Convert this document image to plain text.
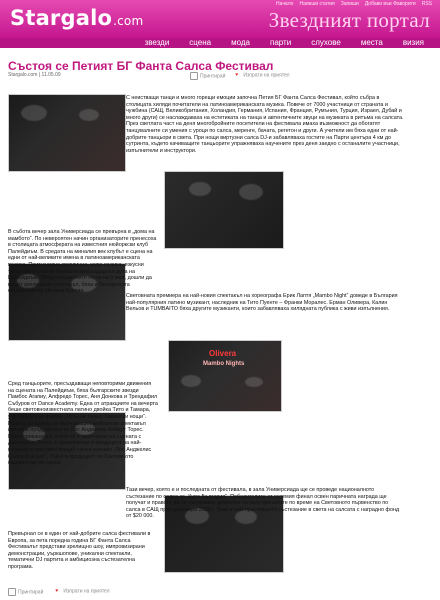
Stargalo.com
Начало Напиши статия Запиши Добави във Фаворити RSS
Звездният портал
звезди	сцена	мода	парти	слухове	места	визия
Състоя се Петият БГ Фанта Салса Фестивал
Stargalo.com | 11.05.09	Принтирай ♥ Изпрати на приятел
Olivera
Mambo Nights

С неистващи танци и много горещи емоции започна Петия БГ Фанта Салса Фестивал, който събра в столицата хиляди почитатели на латиноамериканската музика. Повече от 7000 участници от страната и чужбина (САЩ, Великобритания, Холандия, Германия, Испания, Франция, Румъния, Турция, Израел, Дубай и много други) се наслаждаваха на естетиката на танца и автентичните звуци на музиката в ритъма на салсата. През светлата част на деня многобройните посетители на фестивала имаха възможност да обогатят танцувалните си умения с уроци по салса, меренге, бачата, регетон и други. А учители им бяха едни от най-добрите танцьори в света. При нощи виртузни салса DJ-и забавляваха гостите на Парти центъра 4 км до сутринта, където качиващите танцьорите упражняваха научените през деня заедно с останалите участници, изпълнители и инструктори.

В събота вечер зала Универсиада се превърна в „дома на мамбото“. По невероятен начин организаторите пренесоха в столицата атмосферата на известния нюйоркски клуб Палейдиъм. В средата на миналия век клубът е сцена на едни от най-великите имена в латиноамериканската музика. Притушилна светлинна, жива музика, изкусни танцьори и опитни бармани пресъздадоха духа на Палейдиъм. Пред специалните гости на 9 май, дошли да видят зрелищния спектакъл, бяха и българската евродизайнер Мелина Кунева.

Световната премиера на най-новия спектакъл на хореографа Ерик Лаптя „Mambo Night“ доведе в България най-популярния латино музикант, наследник на Тито Пуенте – Франки Моралес. Ерман Оливера, Калин Вельов и TUMBAITO бяха другите музиканти, които забавляваха хилядната публика с живи изпълнения.

Сред танцьорите, пресъздаващи неповторими движения на сцената на Палейдиъм, бяха българските звезди Памбос Агапиу, Алфредо Торес, Аня Донкова и Трендафил Събуров от Dance Academy. Една от атракциите на вечерта беше световноизвестната латино двойка Тито и Тамара, участвали във филма „Мръсни танци: Хавански нощи“. Ролята на водещ на вълнуващия нюйоркски спектакъл изпълни продуцентът от Лос Анджелис Алберт Торес. Пуерториканецът, който се е партнирал на сцената с Дженифър Лопез, е организатор и продуцент на най-големия в световен мащаб салса конгрес „Лос Анджелис Салса Конгрес“. Той е и продуцент на Световното първенство по салса.

Тази вечер, която е и последната от фестивала, в зала Универсиада ще се проведе националното състезание по салса за „Купа България“. Победителите от големия финал освен паричната награда ще получат и правото да се състезават директно на полу-финалите по време на Световното първенство по салса в САЩ през декември 2009 г. Това е най-престижното състезание в света на салсата с наградно фонд от $20 000.

Превърнал се в един от най-добрите салса фестивали в Европа, за пета поредна година БГ Фанта Салса Фестивалът представи зрелищно шоу, импровизирани демонстрации, уъркшопове, уникални спектакли, тематични DJ партита и амбициозна състезателна програма.

Принтирай ♥ Изпрати на приятел
